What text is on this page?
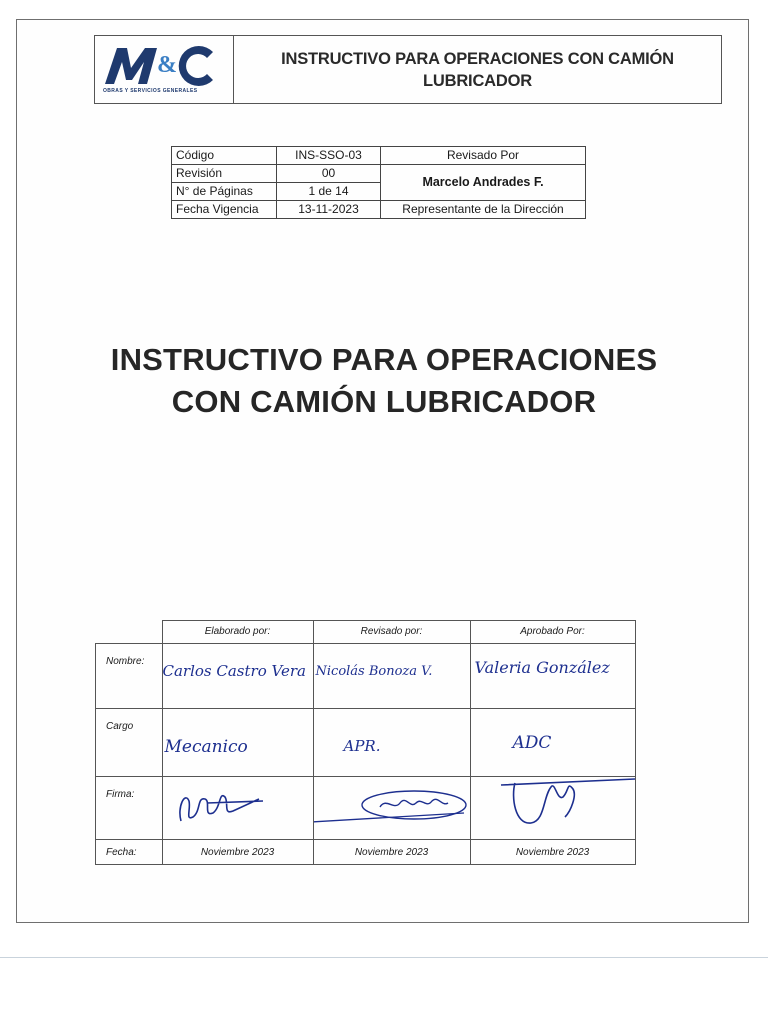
&
OBRAS Y SERVICIOS GENERALES
INSTRUCTIVO PARA OPERACIONES CON CAMIÓN LUBRICADOR
Código	INS-SSO-03	Revisado Por
Revisión	00	Marcelo Andrades F.
N° de Páginas	1 de 14	
Fecha Vigencia	13-11-2023	Representante de la Dirección
INSTRUCTIVO PARA OPERACIONES CON CAMIÓN LUBRICADOR
	Elaborado por:	Revisado por:	Aprobado Por:
Nombre:	Carlos Castro Vera	Nicolás Bonoza V.	Valeria González

Cargo	Mecanico	APR.	ADC

Firma:	

Fecha:	Noviembre 2023	Noviembre 2023	Noviembre 2023
